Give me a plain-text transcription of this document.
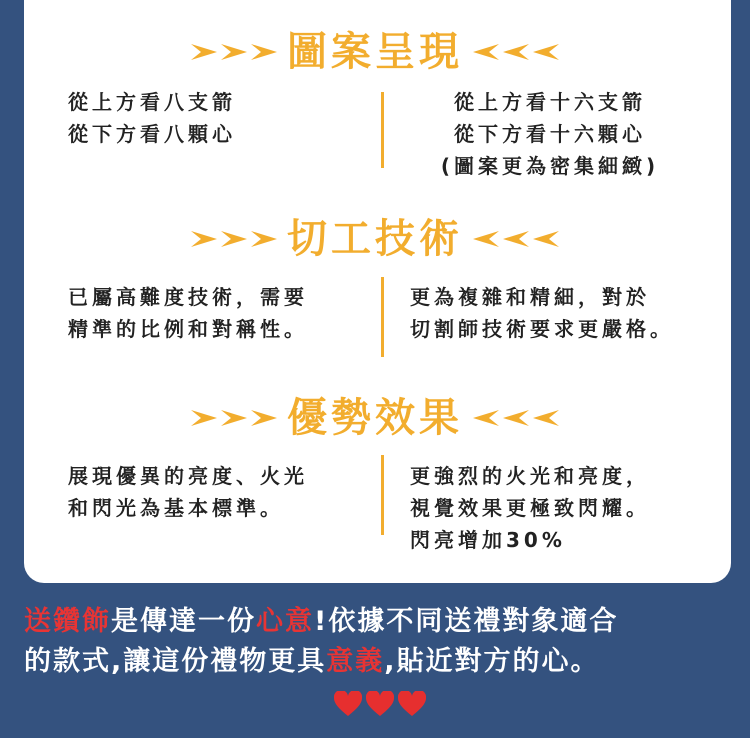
圖案呈現
從上方看八支箭
從下方看八顆心
從上方看十六支箭
從下方看十六顆心
(圖案更為密集細緻)
切工技術
已屬高難度技術，需要
精準的比例和對稱性。
更為複雜和精細，對於
切割師技術要求更嚴格。
優勢效果
展現優異的亮度、火光
和閃光為基本標準。
更強烈的火光和亮度，
視覺效果更極致閃耀。
閃亮增加30%
送鑽飾是傳達一份心意!依據不同送禮對象適合
的款式,讓這份禮物更具意義,貼近對方的心。
